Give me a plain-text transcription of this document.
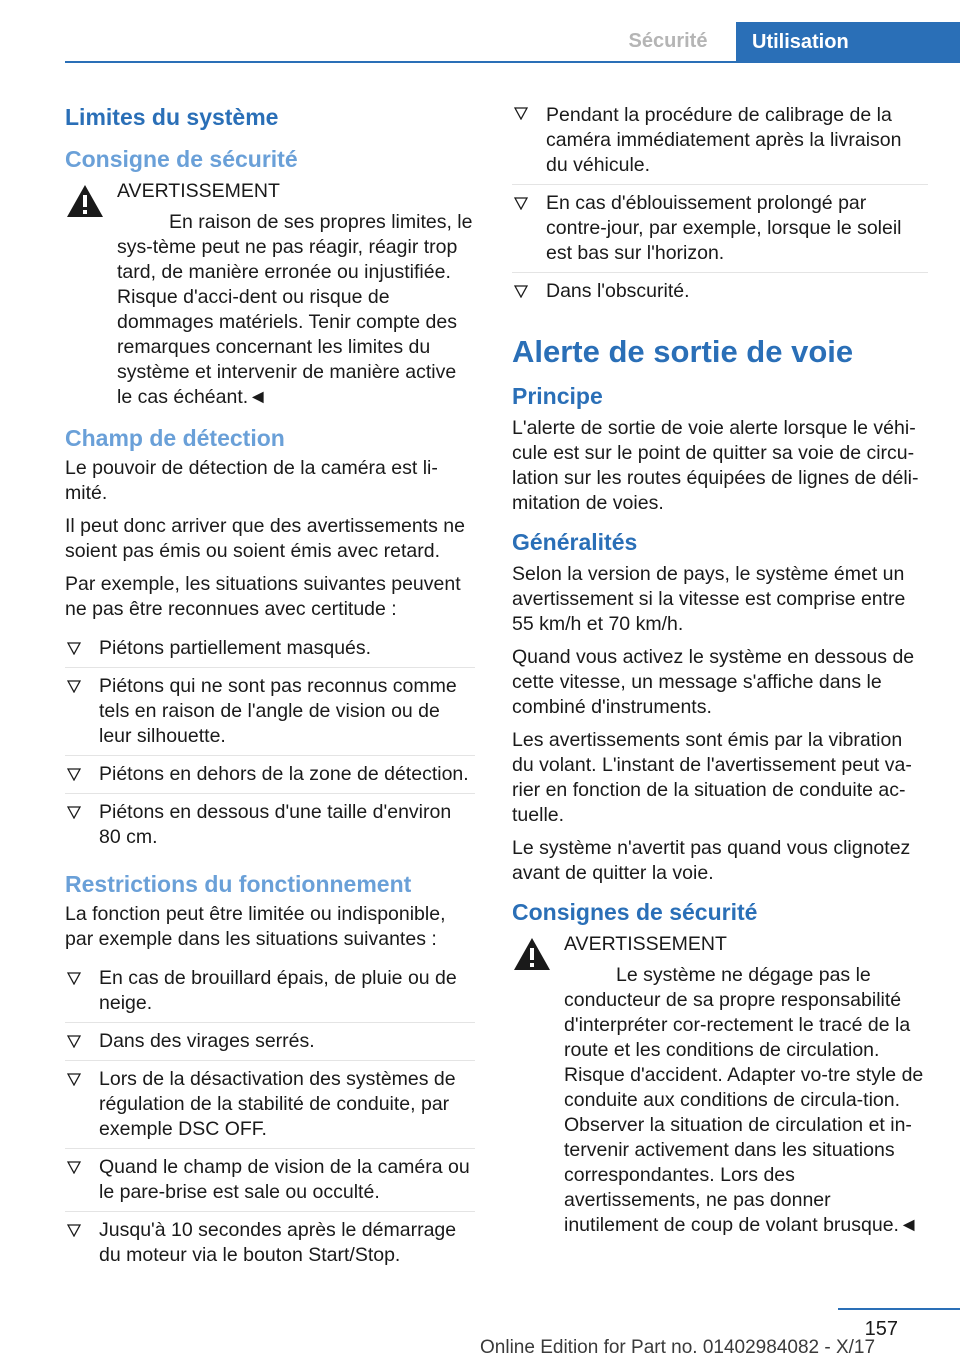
Sécurité	Utilisation
Limites du système
Consigne de sécurité

AVERTISSEMENT

En raison de ses propres limites, le sys-tème peut ne pas réagir, réagir trop tard, de manière erronée ou injustifiée. Risque d'acci-dent ou risque de dommages matériels. Tenir compte des remarques concernant les limites du système et intervenir de manière active le cas échéant.◄

Champ de détection

Le pouvoir de détection de la caméra est li-mité.

Il peut donc arriver que des avertissements ne soient pas émis ou soient émis avec retard.

Par exemple, les situations suivantes peuvent ne pas être reconnues avec certitude :

Piétons partiellement masqués.
Piétons qui ne sont pas reconnus comme tels en raison de l'angle de vision ou de leur silhouette.
Piétons en dehors de la zone de détection.
Piétons en dessous d'une taille d'environ 80 cm.
Restrictions du fonctionnement

La fonction peut être limitée ou indisponible, par exemple dans les situations suivantes :

En cas de brouillard épais, de pluie ou de neige.
Dans des virages serrés.
Lors de la désactivation des systèmes de régulation de la stabilité de conduite, par exemple DSC OFF.
Quand le champ de vision de la caméra ou le pare-brise est sale ou occulté.
Jusqu'à 10 secondes après le démarrage du moteur via le bouton Start/Stop.
Pendant la procédure de calibrage de la caméra immédiatement après la livraison du véhicule.
En cas d'éblouissement prolongé par contre-jour, par exemple, lorsque le soleil est bas sur l'horizon.
Dans l'obscurité.
Alerte de sortie de voie
Principe

L'alerte de sortie de voie alerte lorsque le véhi-cule est sur le point de quitter sa voie de circu-lation sur les routes équipées de lignes de déli-mitation de voies.

Généralités

Selon la version de pays, le système émet un avertissement si la vitesse est comprise entre 55 km/h et 70 km/h.

Quand vous activez le système en dessous de cette vitesse, un message s'affiche dans le combiné d'instruments.

Les avertissements sont émis par la vibration du volant. L'instant de l'avertissement peut va-rier en fonction de la situation de conduite ac-tuelle.

Le système n'avertit pas quand vous clignotez avant de quitter la voie.

Consignes de sécurité

AVERTISSEMENT

Le système ne dégage pas le conducteur de sa propre responsabilité d'interpréter cor-rectement le tracé de la route et les conditions de circulation. Risque d'accident. Adapter vo-tre style de conduite aux conditions de circula-tion. Observer la situation de circulation et in-tervenir activement dans les situations correspondantes. Lors des avertissements, ne pas donner inutilement de coup de volant brusque.◄

157
Online Edition for Part no. 01402984082 - X/17
